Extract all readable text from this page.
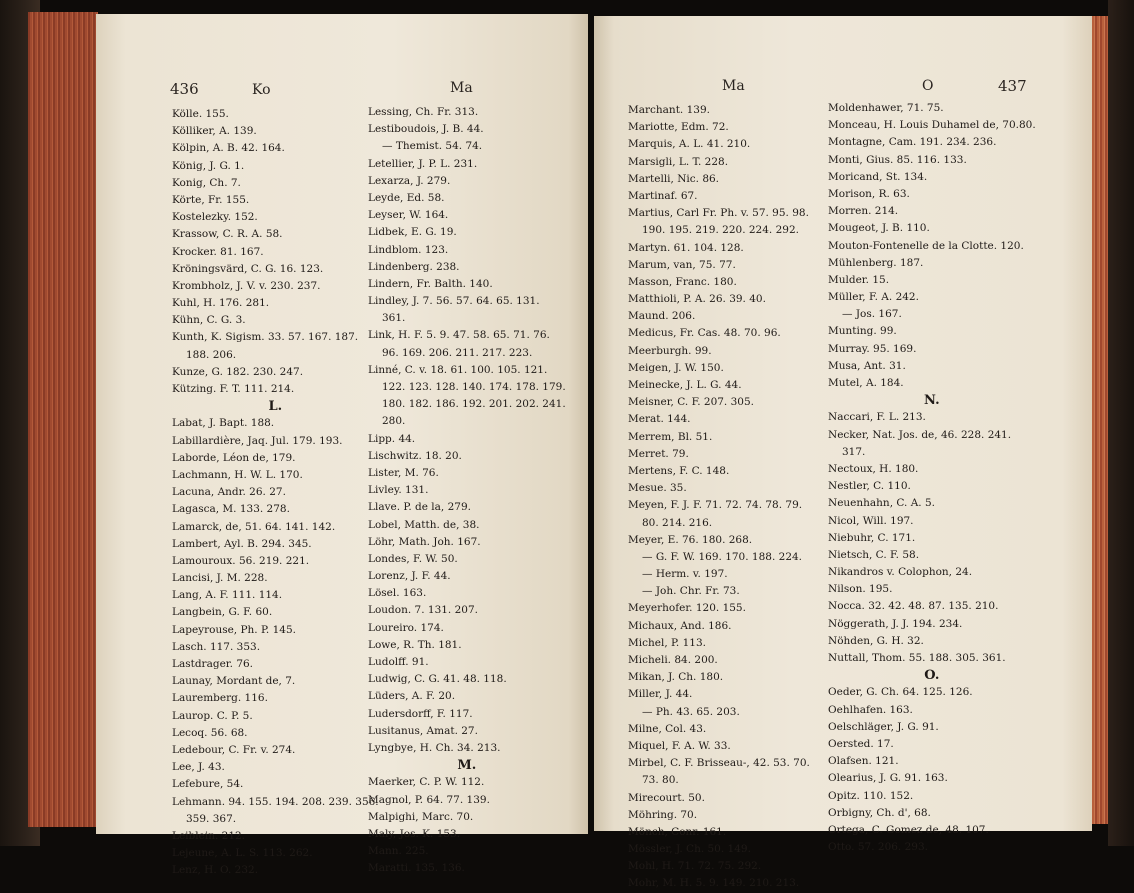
436	Ko	Ma
Kölle. 155.
Kölliker, A. 139.
Kölpin, A. B. 42. 164.
König, J. G. 1.
Konig, Ch. 7.
Körte, Fr. 155.
Kostelezky. 152.
Krassow, C. R. A. 58.
Krocker. 81. 167.
Kröningsvärd, C. G. 16. 123.
Krombholz, J. V. v. 230. 237.
Kuhl, H. 176. 281.
Kühn, C. G. 3.
Kunth, K. Sigism. 33. 57. 167. 187.
188. 206.
Kunze, G. 182. 230. 247.
Kützing. F. T. 111. 214.
L.
Labat, J. Bapt. 188.
Labillardière, Jaq. Jul. 179. 193.
Laborde, Léon de, 179.
Lachmann, H. W. L. 170.
Lacuna, Andr. 26. 27.
Lagasca, M. 133. 278.
Lamarck, de, 51. 64. 141. 142.
Lambert, Ayl. B. 294. 345.
Lamouroux. 56. 219. 221.
Lancisi, J. M. 228.
Lang, A. F. 111. 114.
Langbein, G. F. 60.
Lapeyrouse, Ph. P. 145.
Lasch. 117. 353.
Lastdrager. 76.
Launay, Mordant de, 7.
Lauremberg. 116.
Laurop. C. P. 5.
Lecoq. 56. 68.
Ledebour, C. Fr. v. 274.
Lee, J. 43.
Lefebure, 54.
Lehmann. 94. 155. 194. 208. 239. 356.
359. 367.
Leiblein. 212.
Lejeune, A. L. S. 113. 262.
Lenz, H. O. 232.
Lessing, Ch. Fr. 313.
Lestiboudois, J. B. 44.
— Themist. 54. 74.
Letellier, J. P. L. 231.
Lexarza, J. 279.
Leyde, Ed. 58.
Leyser, W. 164.
Lidbek, E. G. 19.
Lindblom. 123.
Lindenberg. 238.
Lindern, Fr. Balth. 140.
Lindley, J. 7. 56. 57. 64. 65. 131.
361.
Link, H. F. 5. 9. 47. 58. 65. 71. 76.
96. 169. 206. 211. 217. 223.
Linné, C. v. 18. 61. 100. 105. 121.
122. 123. 128. 140. 174. 178. 179.
180. 182. 186. 192. 201. 202. 241.
280.
Lipp. 44.
Lischwitz. 18. 20.
Lister, M. 76.
Livley. 131.
Llave. P. de la, 279.
Lobel, Matth. de, 38.
Löhr, Math. Joh. 167.
Londes, F. W. 50.
Lorenz, J. F. 44.
Lösel. 163.
Loudon. 7. 131. 207.
Loureiro. 174.
Lowe, R. Th. 181.
Ludolff. 91.
Ludwig, C. G. 41. 48. 118.
Lüders, A. F. 20.
Ludersdorff, F. 117.
Lusitanus, Amat. 27.
Lyngbye, H. Ch. 34. 213.
M.
Maerker, C. P. W. 112.
Magnol, P. 64. 77. 139.
Malpighi, Marc. 70.
Maly, Jos. K. 153.
Mann. 225.
Maratti. 135. 136.
Ma	O	437
Marchant. 139.
Mariotte, Edm. 72.
Marquis, A. L. 41. 210.
Marsigli, L. T. 228.
Martelli, Nic. 86.
Martinaf. 67.
Martius, Carl Fr. Ph. v. 57. 95. 98.
190. 195. 219. 220. 224. 292.
Martyn. 61. 104. 128.
Marum, van, 75. 77.
Masson, Franc. 180.
Matthioli, P. A. 26. 39. 40.
Maund. 206.
Medicus, Fr. Cas. 48. 70. 96.
Meerburgh. 99.
Meigen, J. W. 150.
Meinecke, J. L. G. 44.
Meisner, C. F. 207. 305.
Merat. 144.
Merrem, Bl. 51.
Merret. 79.
Mertens, F. C. 148.
Mesue. 35.
Meyen, F. J. F. 71. 72. 74. 78. 79.
80. 214. 216.
Meyer, E. 76. 180. 268.
— G. F. W. 169. 170. 188. 224.
— Herm. v. 197.
— Joh. Chr. Fr. 73.
Meyerhofer. 120. 155.
Michaux, And. 186.
Michel, P. 113.
Micheli. 84. 200.
Mikan, J. Ch. 180.
Miller, J. 44.
— Ph. 43. 65. 203.
Milne, Col. 43.
Miquel, F. A. W. 33.
Mirbel, C. F. Brisseau-, 42. 53. 70.
73. 80.
Mirecourt. 50.
Möhring. 70.
Mönch, Conr. 161.
Mössler, J. Ch. 50. 149.
Mohl, H. 71. 72. 75. 292.
Mohr, M. H. 5. 9. 149. 210. 213.
Moldenhawer, 71. 75.
Monceau, H. Louis Duhamel de, 70.80.
Montagne, Cam. 191. 234. 236.
Monti, Gius. 85. 116. 133.
Moricand, St. 134.
Morison, R. 63.
Morren. 214.
Mougeot, J. B. 110.
Mouton-Fontenelle de la Clotte. 120.
Mühlenberg. 187.
Mulder. 15.
Müller, F. A. 242.
— Jos. 167.
Munting. 99.
Murray. 95. 169.
Musa, Ant. 31.
Mutel, A. 184.
N.
Naccari, F. L. 213.
Necker, Nat. Jos. de, 46. 228. 241.
317.
Nectoux, H. 180.
Nestler, C. 110.
Neuenhahn, C. A. 5.
Nicol, Will. 197.
Niebuhr, C. 171.
Nietsch, C. F. 58.
Nikandros v. Colophon, 24.
Nilson. 195.
Nocca. 32. 42. 48. 87. 135. 210.
Nöggerath, J. J. 194. 234.
Nöhden, G. H. 32.
Nuttall, Thom. 55. 188. 305. 361.
O.
Oeder, G. Ch. 64. 125. 126.
Oehlhafen. 163.
Oelschläger, J. G. 91.
Oersted. 17.
Olafsen. 121.
Olearius, J. G. 91. 163.
Opitz. 110. 152.
Orbigny, Ch. d', 68.
Ortega, C. Gomez de, 48. 107.
Otto. 57. 206. 293.
